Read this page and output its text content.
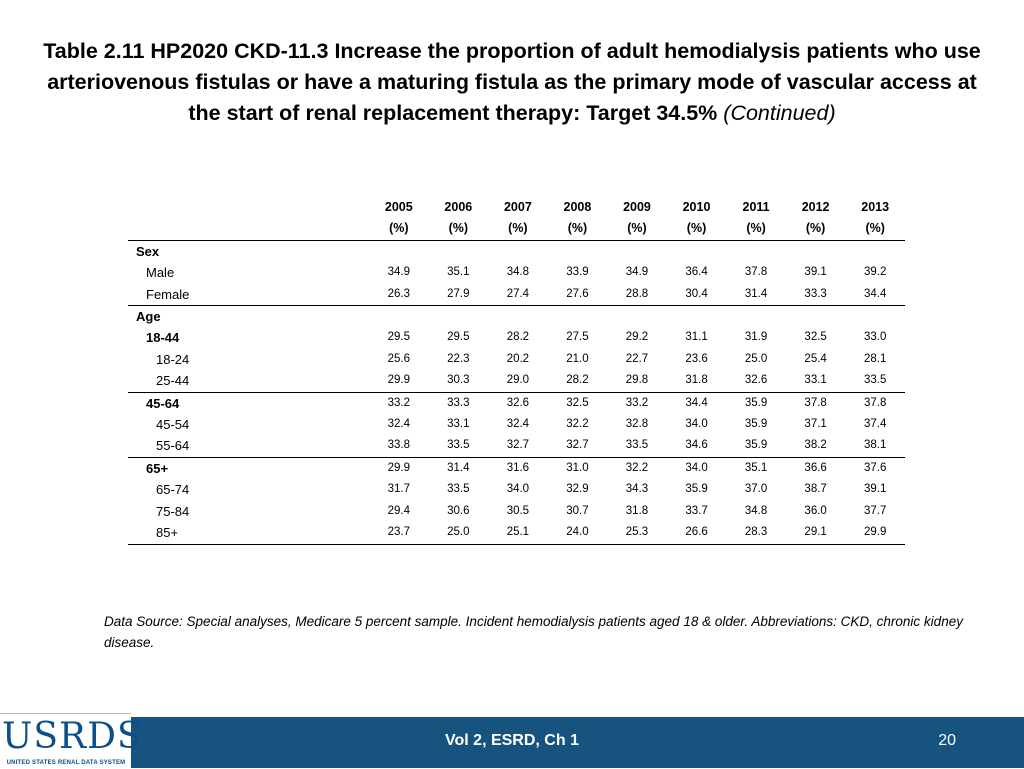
Table 2.11 HP2020 CKD-11.3 Increase the proportion of adult hemodialysis patients who use arteriovenous fistulas or have a maturing fistula as the primary mode of vascular access at the start of renal replacement therapy: Target 34.5% (Continued)
	2005	2006	2007	2008	2009	2010	2011	2012	2013
	(%)	(%)	(%)	(%)	(%)	(%)	(%)	(%)	(%)
Sex									
Male	34.9	35.1	34.8	33.9	34.9	36.4	37.8	39.1	39.2
Female	26.3	27.9	27.4	27.6	28.8	30.4	31.4	33.3	34.4
Age									
18-44	29.5	29.5	28.2	27.5	29.2	31.1	31.9	32.5	33.0
18-24	25.6	22.3	20.2	21.0	22.7	23.6	25.0	25.4	28.1
25-44	29.9	30.3	29.0	28.2	29.8	31.8	32.6	33.1	33.5
45-64	33.2	33.3	32.6	32.5	33.2	34.4	35.9	37.8	37.8
45-54	32.4	33.1	32.4	32.2	32.8	34.0	35.9	37.1	37.4
55-64	33.8	33.5	32.7	32.7	33.5	34.6	35.9	38.2	38.1
65+	29.9	31.4	31.6	31.0	32.2	34.0	35.1	36.6	37.6
65-74	31.7	33.5	34.0	32.9	34.3	35.9	37.0	38.7	39.1
75-84	29.4	30.6	30.5	30.7	31.8	33.7	34.8	36.0	37.7
85+	23.7	25.0	25.1	24.0	25.3	26.6	28.3	29.1	29.9
Data Source: Special analyses, Medicare 5 percent sample. Incident hemodialysis patients aged 18 & older. Abbreviations: CKD, chronic kidney disease.
Vol 2, ESRD, Ch 1	20
USRDS
UNITED STATES RENAL DATA SYSTEM
